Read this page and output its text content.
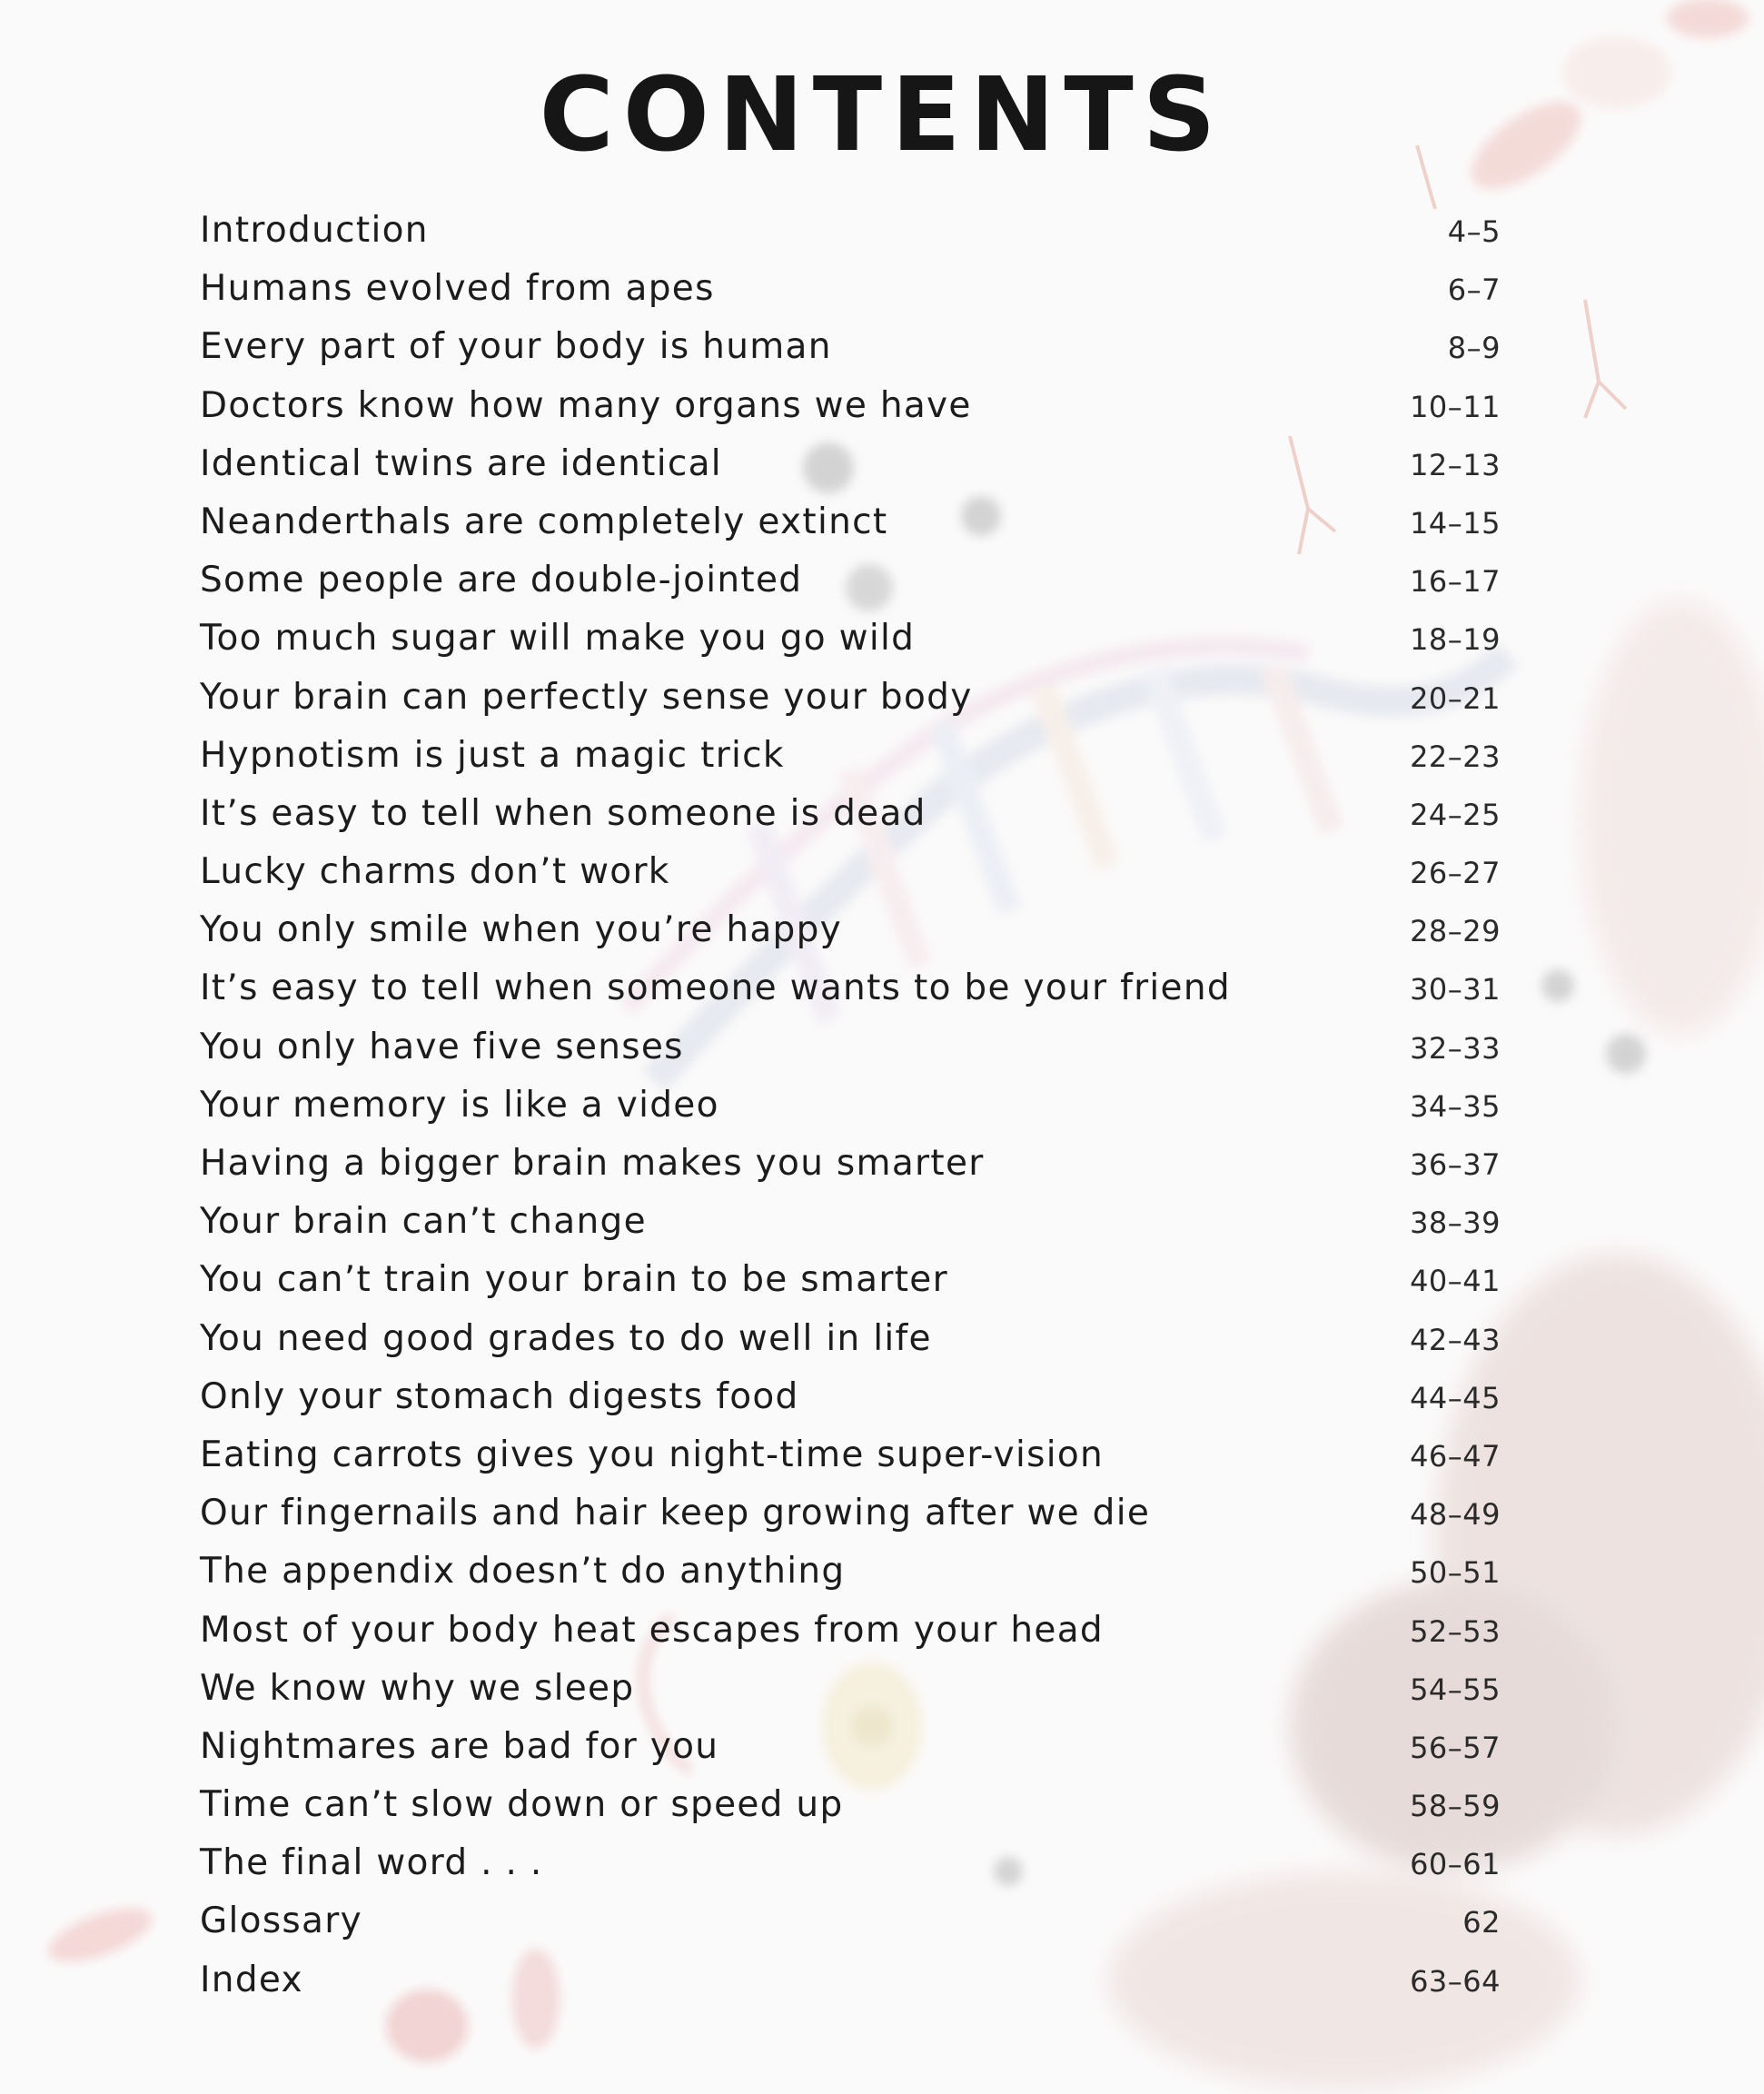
CONTENTS
Introduction	4–5
Humans evolved from apes	6–7
Every part of your body is human	8–9
Doctors know how many organs we have	10–11
Identical twins are identical	12–13
Neanderthals are completely extinct	14–15
Some people are double-jointed	16–17
Too much sugar will make you go wild	18–19
Your brain can perfectly sense your body	20–21
Hypnotism is just a magic trick	22–23
It’s easy to tell when someone is dead	24–25
Lucky charms don’t work	26–27
You only smile when you’re happy	28–29
It’s easy to tell when someone wants to be your friend	30–31
You only have five senses	32–33
Your memory is like a video	34–35
Having a bigger brain makes you smarter	36–37
Your brain can’t change	38–39
You can’t train your brain to be smarter	40–41
You need good grades to do well in life	42–43
Only your stomach digests food	44–45
Eating carrots gives you night-time super-vision	46–47
Our fingernails and hair keep growing after we die	48–49
The appendix doesn’t do anything	50–51
Most of your body heat escapes from your head	52–53
We know why we sleep	54–55
Nightmares are bad for you	56–57
Time can’t slow down or speed up	58–59
The final word . . .	60–61
Glossary	62
Index	63–64
